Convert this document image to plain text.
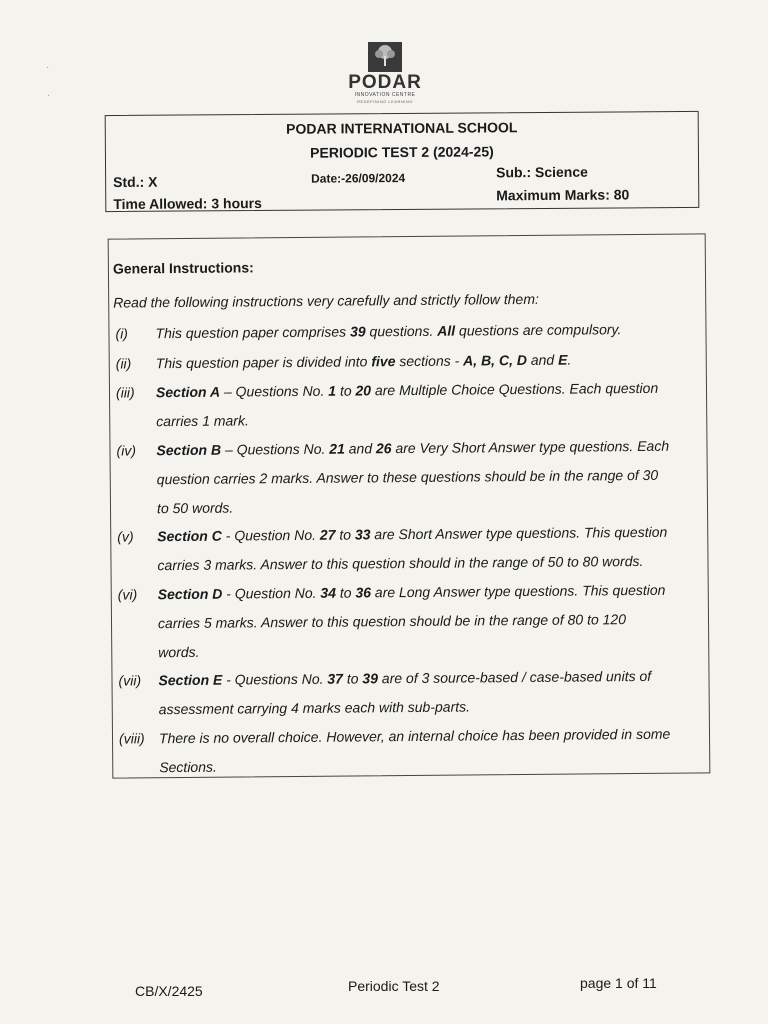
PODAR
INNOVATION CENTRE
REDEFINING LEARNING
·
·
PODAR INTERNATIONAL SCHOOL
PERIODIC TEST 2 (2024-25)
Std.: X	Date:-26/09/2024	Sub.: Science
Time Allowed: 3 hours
Maximum Marks: 80
General Instructions:
Read the following instructions very carefully and strictly follow them:
(i)	This question paper comprises 39 questions. All questions are compulsory.
(ii)	This question paper is divided into five sections - A, B, C, D and E.
(iii)	Section A – Questions No. 1 to 20 are Multiple Choice Questions. Each question
carries 1 mark.
(iv)	Section B – Questions No. 21 and 26 are Very Short Answer type questions. Each
question carries 2 marks. Answer to these questions should be in the range of 30
to 50 words.
(v)	Section C - Question No. 27 to 33 are Short Answer type questions. This question
carries 3 marks. Answer to this question should in the range of 50 to 80 words.
(vi)	Section D - Question No. 34 to 36 are Long Answer type questions. This question
carries 5 marks. Answer to this question should be in the range of 80 to 120
words.
(vii)	Section E - Questions No. 37 to 39 are of 3 source-based / case-based units of
assessment carrying 4 marks each with sub-parts.
(viii)	There is no overall choice. However, an internal choice has been provided in some
Sections.
CB/X/2425	Periodic Test 2	page 1 of 11
